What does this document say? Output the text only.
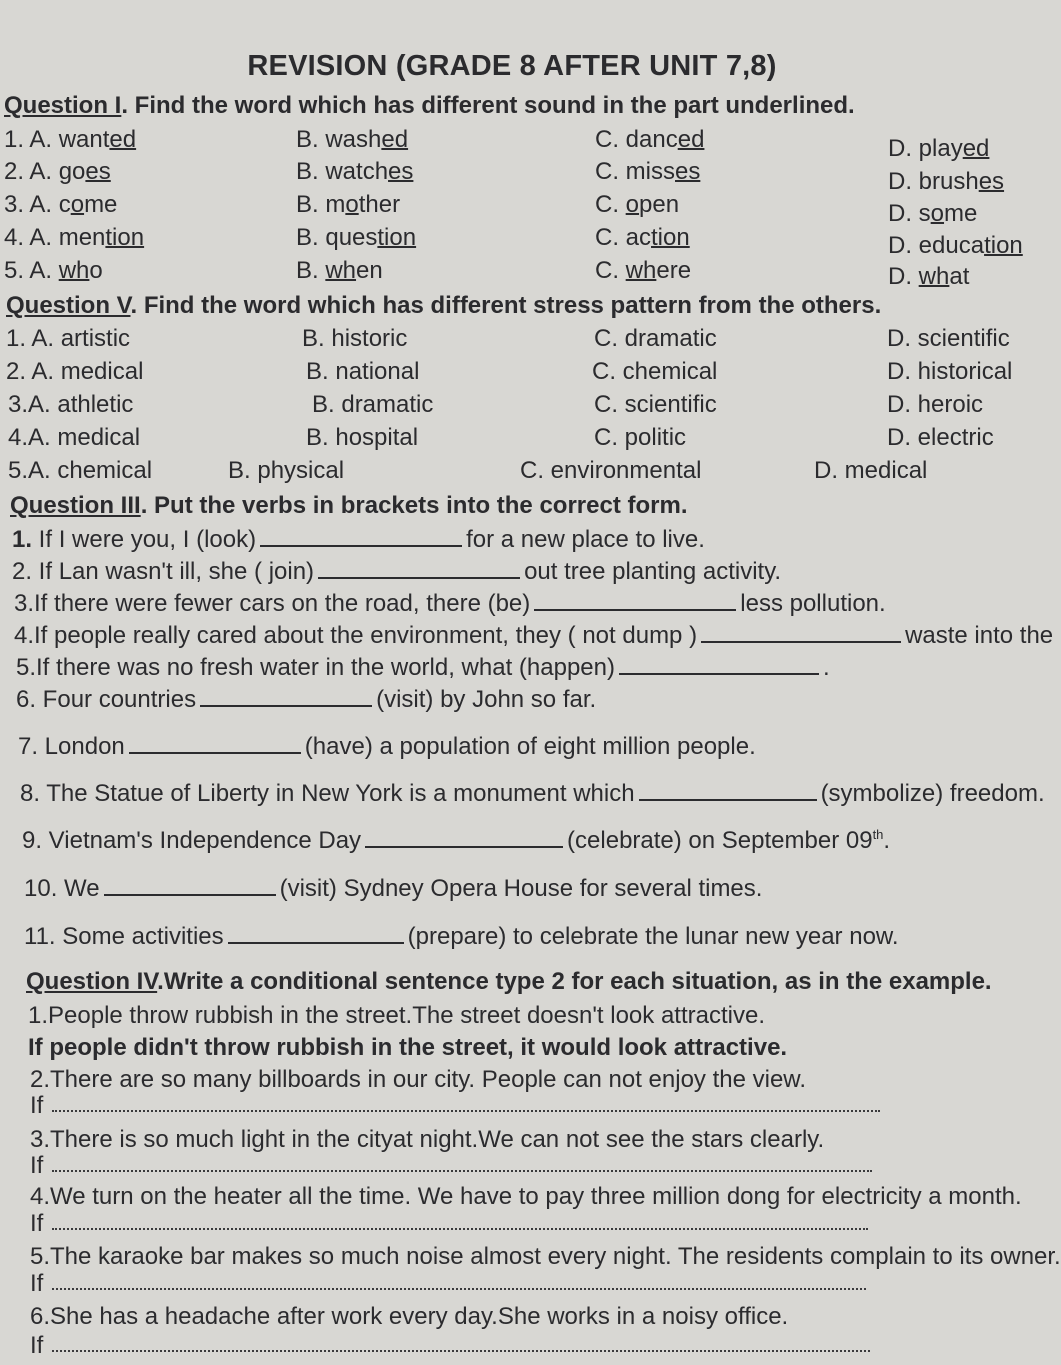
REVISION (GRADE 8 AFTER UNIT 7,8)
Question I. Find the word which has different sound in the part underlined.
1. A. wanted	B. washed	C. danced	D. played
2. A. goes	B. watches	C. misses	D. brushes
3. A. come	B. mother	C. open	D. some
4. A. mention	B. question	C. action	D. education
5. A. who	B. when	C. where	D. what
Question V. Find the word which has different stress pattern from the others.
1. A. artistic	B. historic	C. dramatic	D. scientific
2. A. medical	B. national	C. chemical	D. historical
3.A. athletic	B. dramatic	C. scientific	D. heroic
4.A. medical	B. hospital	C. politic	D. electric
5.A. chemical	B. physical	C. environmental	D. medical
Question III. Put the verbs in brackets into the correct form.
1. If I were you, I (look)	for a new place to live.
2. If Lan wasn't ill, she ( join)	out tree planting activity.
3.If there were fewer cars on the road, there (be)	less pollution.
4.If people really cared about the environment, they ( not dump )	waste into the
5.If there was no fresh water in the world, what (happen)	.
6. Four countries	(visit) by John so far.
7. London	(have) a population of eight million people.
8. The Statue of Liberty in New York is a monument which	(symbolize) freedom.
9. Vietnam's Independence Day	(celebrate) on September 09th.
10. We	(visit) Sydney Opera House for several times.
11. Some activities	(prepare) to celebrate the lunar new year now.
Question IV.Write a conditional sentence type 2 for each situation, as in the example.
1.People throw rubbish in the street.The street doesn't look attractive.
If people didn't throw rubbish in the street, it would look attractive.
2.There are so many billboards in our city. People can not enjoy the view.
If
3.There is so much light in the cityat night.We can not see the stars clearly.
If
4.We turn on the heater all the time. We have to pay three million dong for electricity a month.
If
5.The karaoke bar makes so much noise almost every night. The residents complain to its owner.
If
6.She has a headache after work every day.She works in a noisy office.
If
